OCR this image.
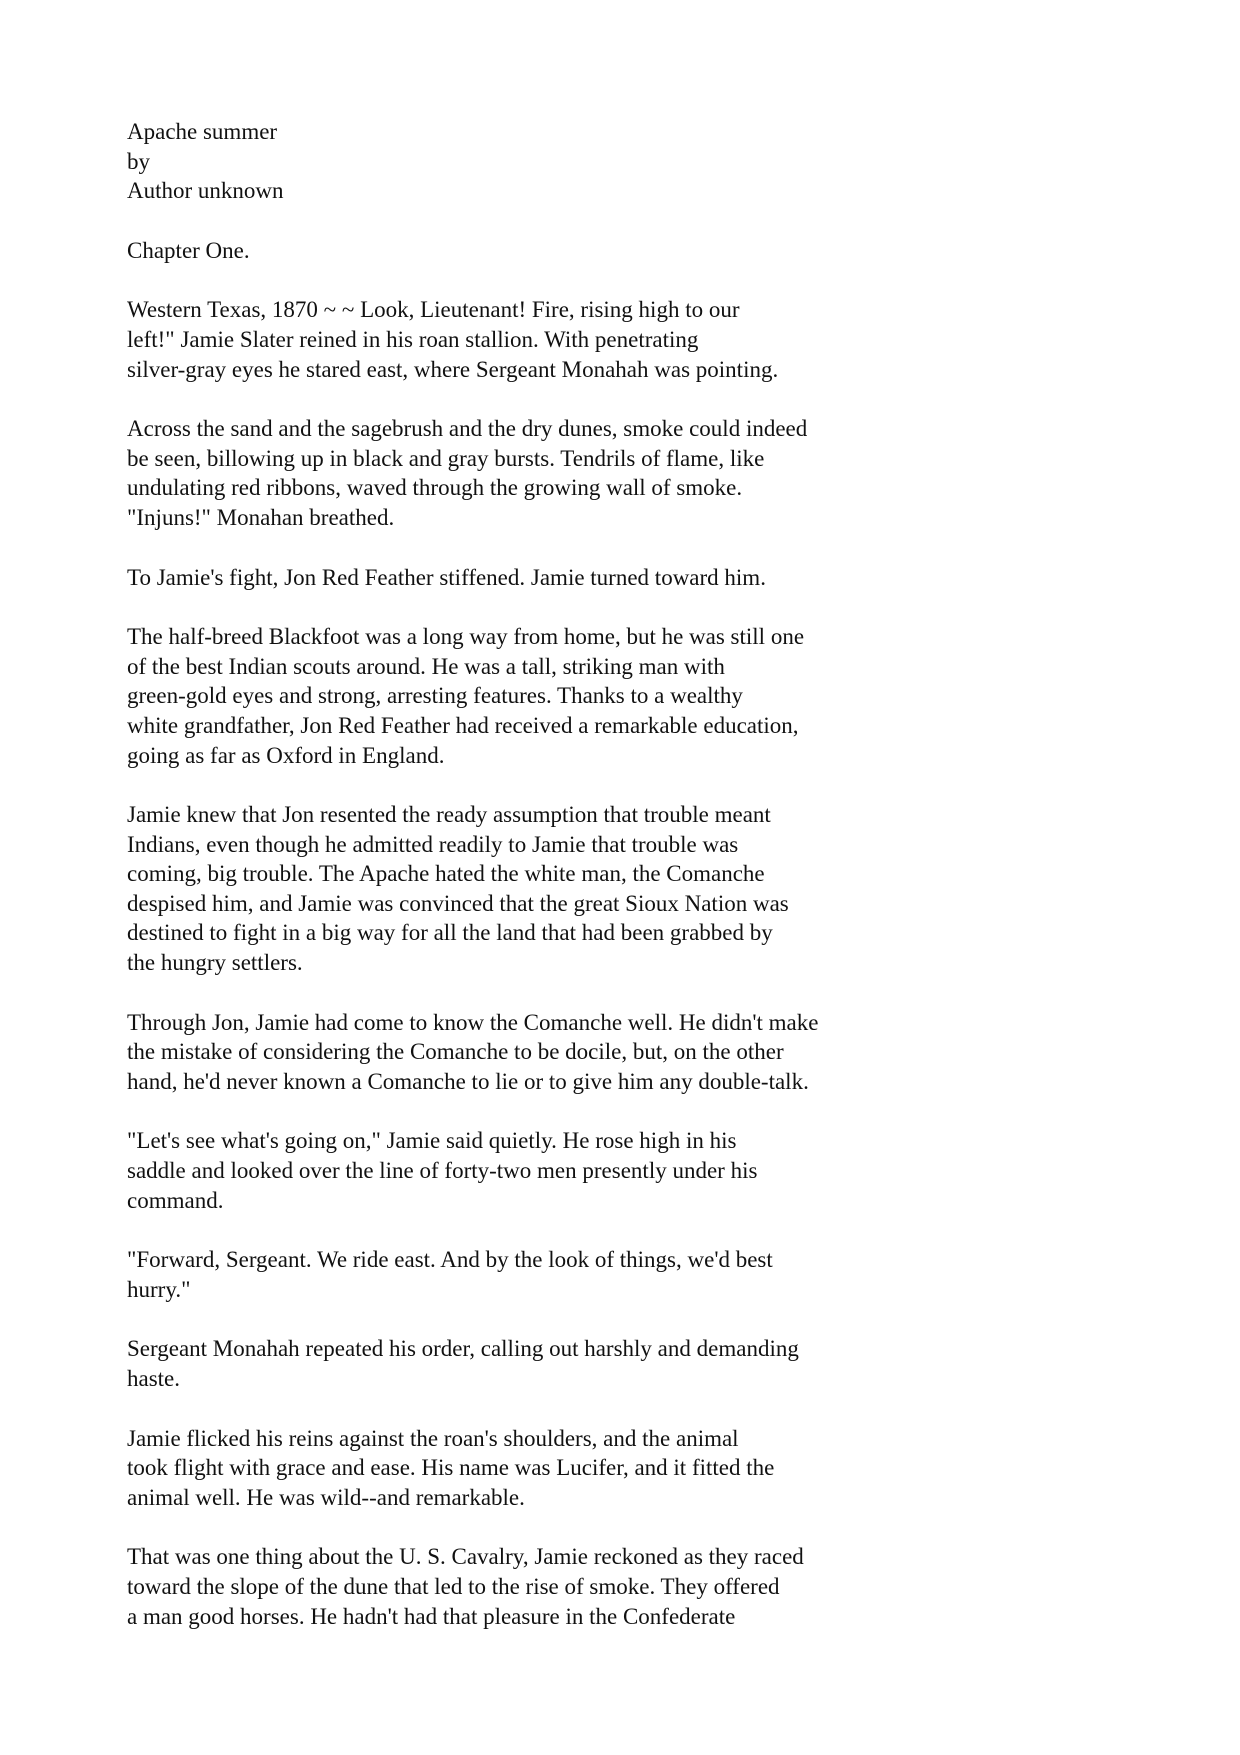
Apache summer
by
Author unknown
Chapter One.
Western Texas, 1870 ~ ~ Look, Lieutenant! Fire, rising high to our
left!" Jamie Slater reined in his roan stallion. With penetrating
silver-gray eyes he stared east, where Sergeant Monahah was pointing.
Across the sand and the sagebrush and the dry dunes, smoke could indeed
be seen, billowing up in black and gray bursts. Tendrils of flame, like
undulating red ribbons, waved through the growing wall of smoke.
"Injuns!" Monahan breathed.
To Jamie's fight, Jon Red Feather stiffened. Jamie turned toward him.
The half-breed Blackfoot was a long way from home, but he was still one
of the best Indian scouts around. He was a tall, striking man with
green-gold eyes and strong, arresting features. Thanks to a wealthy
white grandfather, Jon Red Feather had received a remarkable education,
going as far as Oxford in England.
Jamie knew that Jon resented the ready assumption that trouble meant
Indians, even though he admitted readily to Jamie that trouble was
coming, big trouble. The Apache hated the white man, the Comanche
despised him, and Jamie was convinced that the great Sioux Nation was
destined to fight in a big way for all the land that had been grabbed by
the hungry settlers.
Through Jon, Jamie had come to know the Comanche well. He didn't make
the mistake of considering the Comanche to be docile, but, on the other
hand, he'd never known a Comanche to lie or to give him any double-talk.
"Let's see what's going on," Jamie said quietly. He rose high in his
saddle and looked over the line of forty-two men presently under his
command.
"Forward, Sergeant. We ride east. And by the look of things, we'd best
hurry."
Sergeant Monahah repeated his order, calling out harshly and demanding
haste.
Jamie flicked his reins against the roan's shoulders, and the animal
took flight with grace and ease. His name was Lucifer, and it fitted the
animal well. He was wild--and remarkable.
That was one thing about the U. S. Cavalry, Jamie reckoned as they raced
toward the slope of the dune that led to the rise of smoke. They offered
a man good horses. He hadn't had that pleasure in the Confederate
